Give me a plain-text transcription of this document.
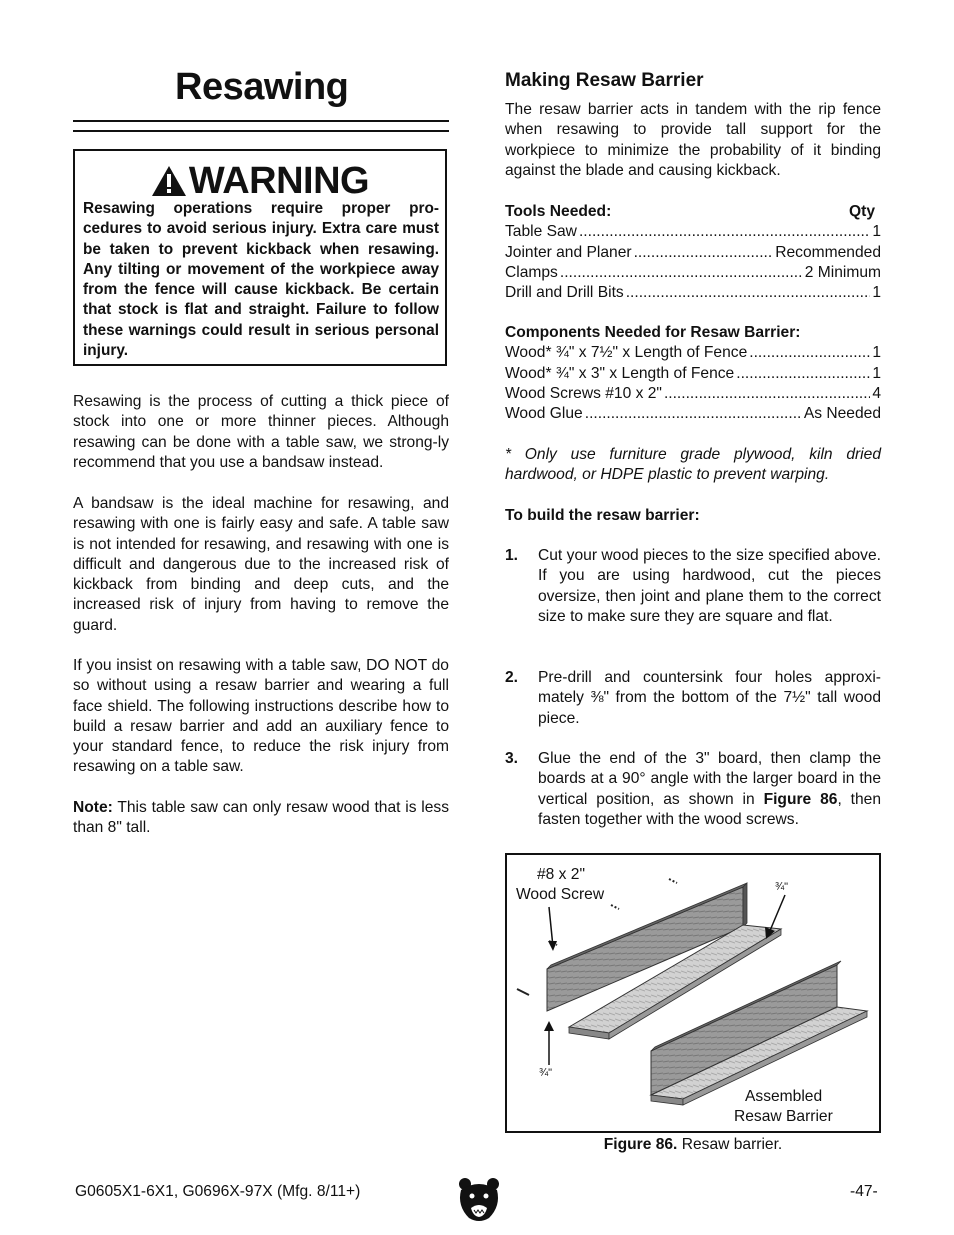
Resawing
WARNING
Resawing operations require proper pro-cedures to avoid serious injury. Extra care must be taken to prevent kickback when resawing. Any tilting or movement of the workpiece away from the fence will cause kickback. Be certain that stock is flat and straight. Failure to follow these warnings could result in serious personal injury.
Resawing is the process of cutting a thick piece of stock into one or more thinner pieces. Although resawing can be done with a table saw, we strong-ly recommend that you use a bandsaw instead.
A bandsaw is the ideal machine for resawing, and resawing with one is fairly easy and safe. A table saw is not intended for resawing, and resawing with one is difficult and dangerous due to the increased risk of kickback from binding and deep cuts, and the increased risk of injury from having to remove the guard.
If you insist on resawing with a table saw, DO NOT do so without using a resaw barrier and wearing a full face shield. The following instructions describe how to build a resaw barrier and add an auxiliary fence to your standard fence, to reduce the risk injury from resawing on a table saw.
Note: This table saw can only resaw wood that is less than 8" tall.
Making Resaw Barrier
The resaw barrier acts in tandem with the rip fence when resawing to provide tall support for the workpiece to minimize the probability of it binding against the blade and causing kickback.
Tools Needed:	Qty
Table Saw .....	1
Jointer and Planer .....	Recommended
Clamps .....	2 Minimum
Drill and Drill Bits .....	1
Components Needed for Resaw Barrier:
Wood* ¾" x 7½" x Length of Fence .....	1
Wood* ¾" x 3" x Length of Fence .....	1
Wood Screws #10 x 2" .....	4
Wood Glue .....	As Needed
* Only use furniture grade plywood, kiln dried hardwood, or HDPE plastic to prevent warping.
To build the resaw barrier:
1. Cut your wood pieces to the size specified above. If you are using hardwood, cut the pieces oversize, then joint and plane them to the correct size to make sure they are square and flat.
2. Pre-drill and countersink four holes approxi-mately ⅜" from the bottom of the 7½" tall wood piece.
3. Glue the end of the 3" board, then clamp the boards at a 90° angle with the larger board in the vertical position, as shown in Figure 86, then fasten together with the wood screws.
#8 x 2"
Wood Screw	¾"
¾"
Assembled
Resaw Barrier
Figure 86. Resaw barrier.
G0605X1-6X1, G0696X-97X (Mfg. 8/11+)	-47-
